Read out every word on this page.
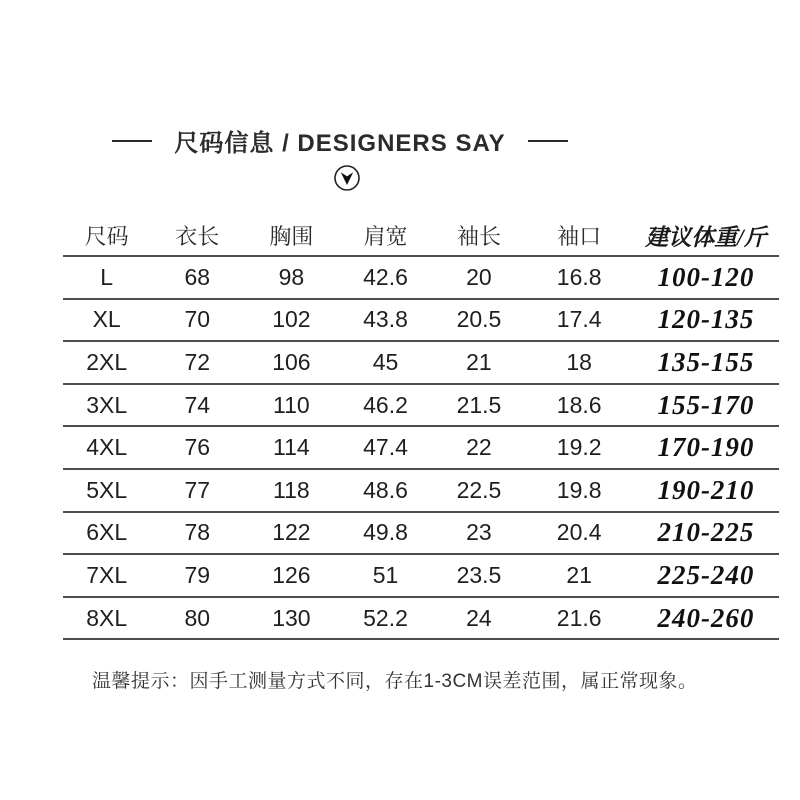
尺码信息 / DESIGNERS SAY
尺码	衣长	胸围	肩宽	袖长	袖口	建议体重/斤
L	68	98	42.6	20	16.8	100-120
XL	70	102	43.8	20.5	17.4	120-135
2XL	72	106	45	21	18	135-155
3XL	74	110	46.2	21.5	18.6	155-170
4XL	76	114	47.4	22	19.2	170-190
5XL	77	118	48.6	22.5	19.8	190-210
6XL	78	122	49.8	23	20.4	210-225
7XL	79	126	51	23.5	21	225-240
8XL	80	130	52.2	24	21.6	240-260
温馨提示：因手工测量方式不同，存在1-3CM误差范围，属正常现象。
